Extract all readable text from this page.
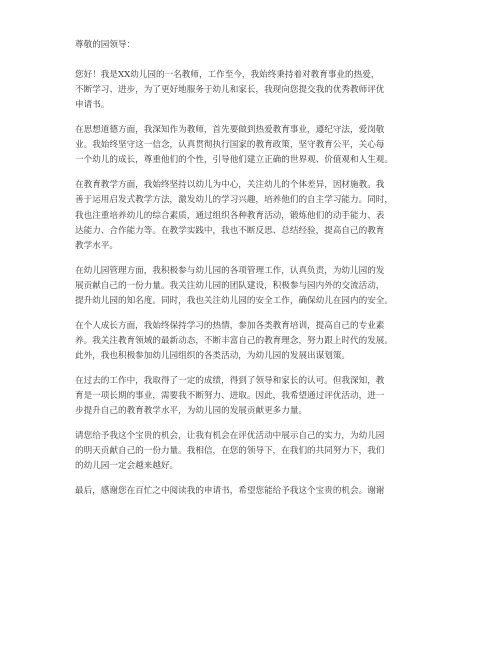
尊敬的园领导：
您好！我是XX幼儿园的一名教师，工作至今，我始终秉持着对教育事业的热爱，
不断学习、进步，为了更好地服务于幼儿和家长，我现向您提交我的优秀教师评优
申请书。
在思想道德方面，我深知作为教师，首先要做到热爱教育事业，遵纪守法，爱岗敬
业。我始终坚守这一信念，认真贯彻执行国家的教育政策，坚守教育公平，关心每
一个幼儿的成长，尊重他们的个性，引导他们建立正确的世界观、价值观和人生观。
在教育教学方面，我始终坚持以幼儿为中心，关注幼儿的个体差异，因材施教。我
善于运用启发式教学方法，激发幼儿的学习兴趣，培养他们的自主学习能力。同时，
我也注重培养幼儿的综合素质，通过组织各种教育活动，锻炼他们的动手能力、表
达能力、合作能力等。在教学实践中，我也不断反思、总结经验，提高自己的教育
教学水平。
在幼儿园管理方面，我积极参与幼儿园的各项管理工作，认真负责，为幼儿园的发
展贡献自己的一份力量。我关注幼儿园的团队建设，积极参与园内外的交流活动，
提升幼儿园的知名度。同时，我也关注幼儿园的安全工作，确保幼儿在园内的安全。
在个人成长方面，我始终保持学习的热情，参加各类教育培训，提高自己的专业素
养。我关注教育领域的最新动态，不断丰富自己的教育理念，努力跟上时代的发展。
此外，我也积极参加幼儿园组织的各类活动，为幼儿园的发展出谋划策。
在过去的工作中，我取得了一定的成绩，得到了领导和家长的认可。但我深知，教
育是一项长期的事业，需要我不断努力、进取。因此，我希望通过评优活动，进一
步提升自己的教育教学水平，为幼儿园的发展贡献更多力量。
请您给予我这个宝贵的机会，让我有机会在评优活动中展示自己的实力，为幼儿园
的明天贡献自己的一份力量。我相信，在您的领导下，在我们的共同努力下，我们
的幼儿园一定会越来越好。
最后，感谢您在百忙之中阅读我的申请书，希望您能给予我这个宝贵的机会。谢谢
